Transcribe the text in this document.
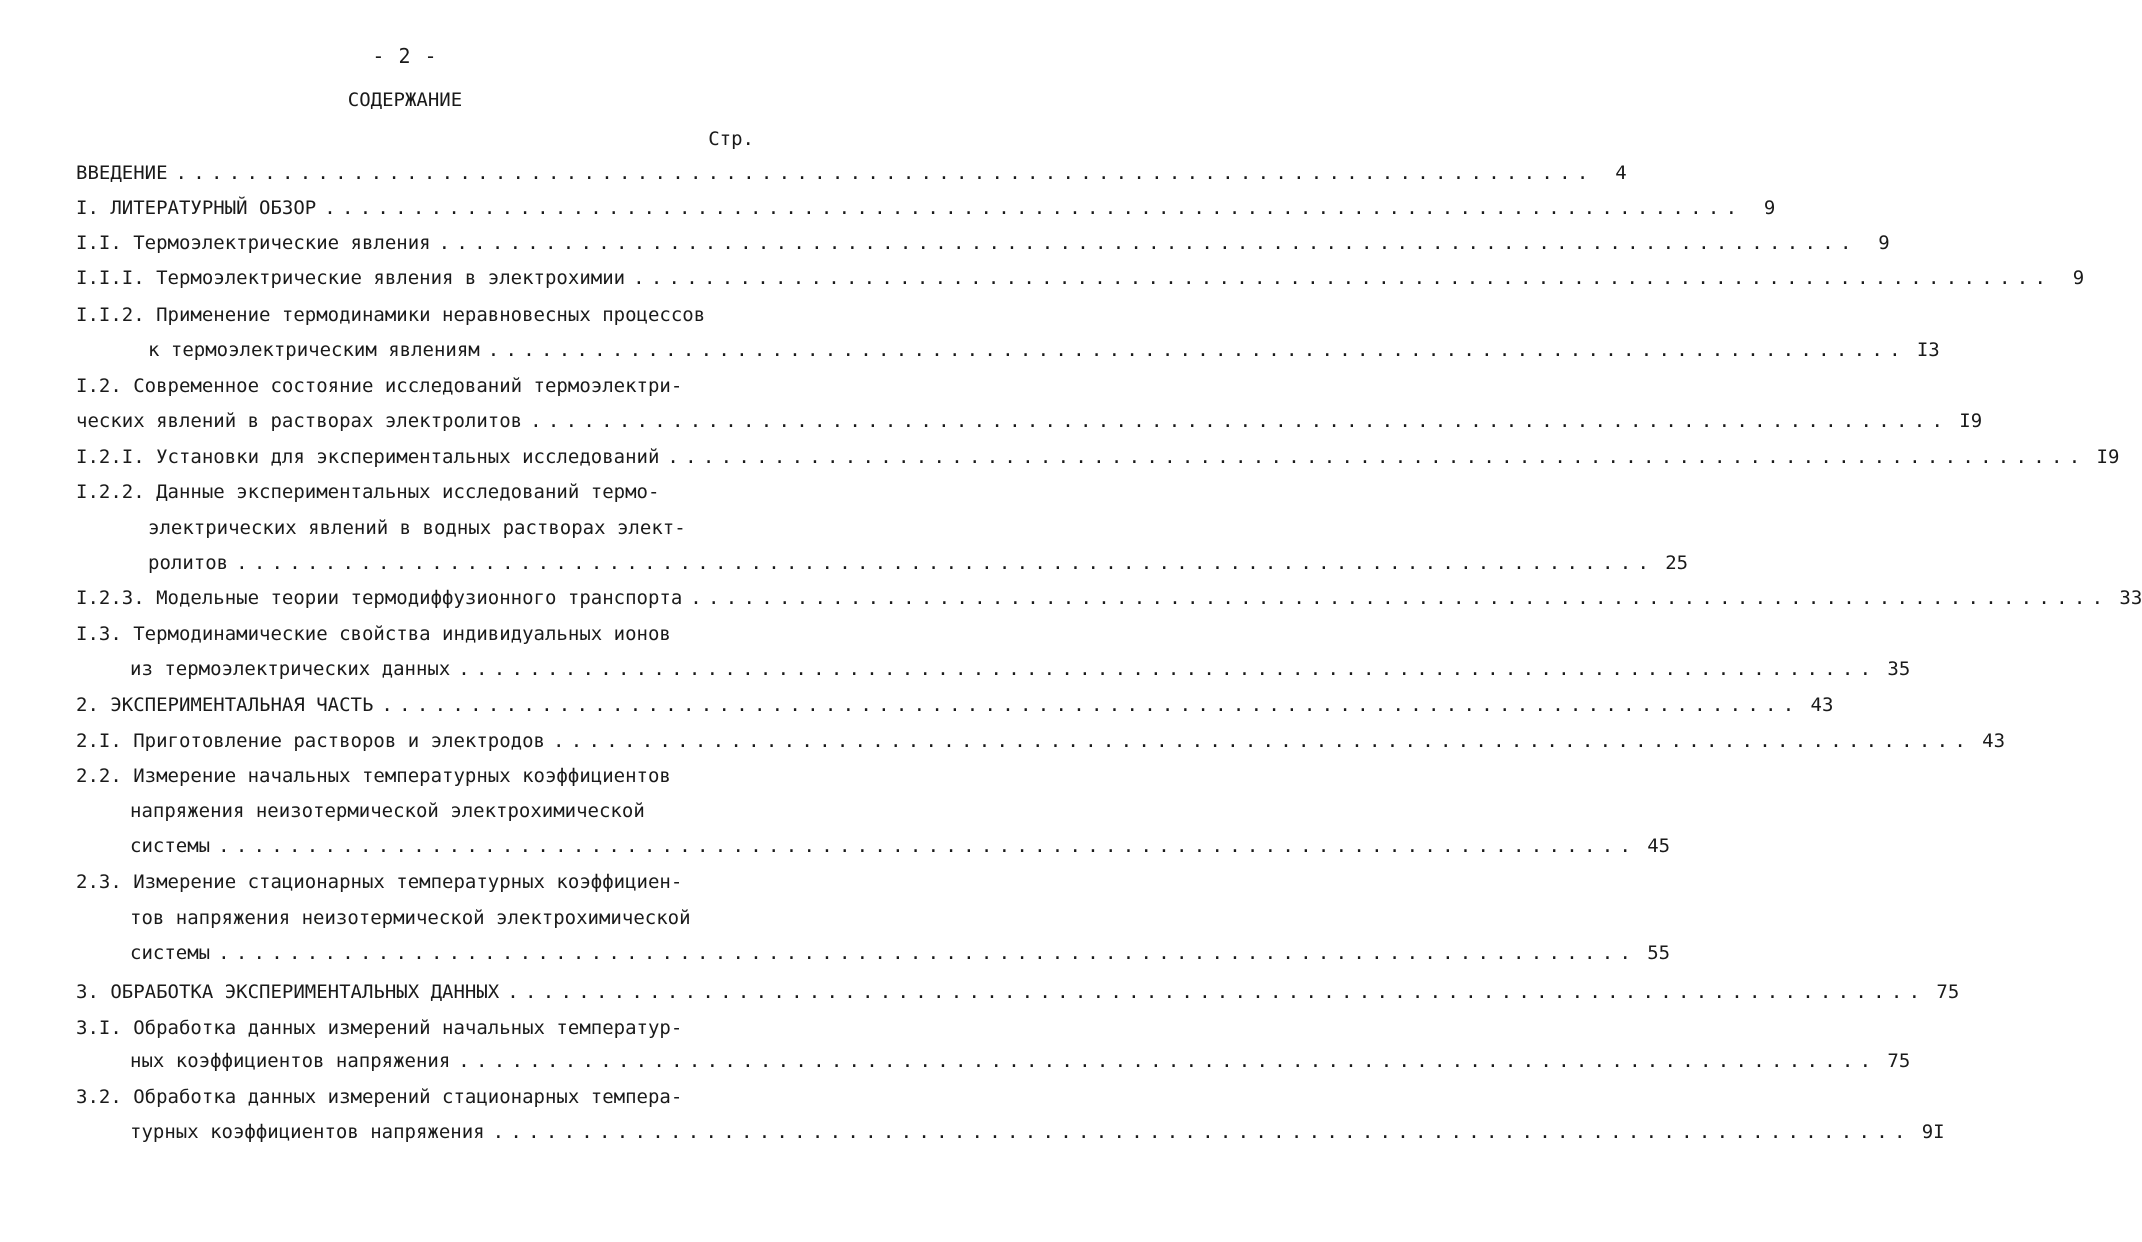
- 2 -
СОДЕРЖАНИЕ
Стр.
ВВЕДЕНИЕ ................................................................................	4
I. ЛИТЕРАТУРНЫЙ ОБЗОР ................................................................................	9
I.I. Термоэлектрические явления ................................................................................	9
I.I.I. Термоэлектрические явления в электрохимии ................................................................................	9
I.I.2. Применение термодинамики неравновесных процессов
к термоэлектрическим явлениям ................................................................................ I3
I.2. Современное состояние исследований термоэлектри-
ческих явлений в растворах электролитов ................................................................................ I9
I.2.I. Установки для экспериментальных исследований ................................................................................ I9
I.2.2. Данные экспериментальных исследований термо-
электрических явлений в водных растворах элект-
ролитов ................................................................................ 25
I.2.3. Модельные теории термодиффузионного транспорта ................................................................................ 33
I.3. Термодинамические свойства индивидуальных ионов
из термоэлектрических данных ................................................................................ 35
2. ЭКСПЕРИМЕНТАЛЬНАЯ ЧАСТЬ ................................................................................ 43
2.I. Приготовление растворов и электродов ................................................................................ 43
2.2. Измерение начальных температурных коэффициентов
напряжения неизотермической электрохимической
системы ................................................................................ 45
2.3. Измерение стационарных температурных коэффициен-
тов напряжения неизотермической электрохимической
системы ................................................................................ 55
3. ОБРАБОТКА ЭКСПЕРИМЕНТАЛЬНЫХ ДАННЫХ ................................................................................ 75
3.I. Обработка данных измерений начальных температур-
ных коэффициентов напряжения ................................................................................ 75
3.2. Обработка данных измерений стационарных темпера-
турных коэффициентов напряжения ................................................................................ 9I
